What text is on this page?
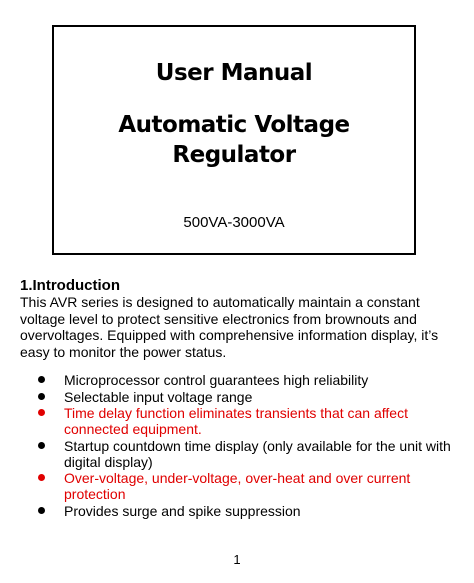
User Manual
Automatic Voltage
Regulator

500VA-3000VA

1.Introduction

This AVR series is designed to automatically maintain a constant voltage level to protect sensitive electronics from brownouts and overvoltages. Equipped with comprehensive information display, it’s easy to monitor the power status.

Microprocessor control guarantees high reliability
Selectable input voltage range
Time delay function eliminates transients that can affect connected equipment.
Startup countdown time display (only available for the unit with digital display)
Over-voltage, under-voltage, over-heat and over current protection
Provides surge and spike suppression
1
